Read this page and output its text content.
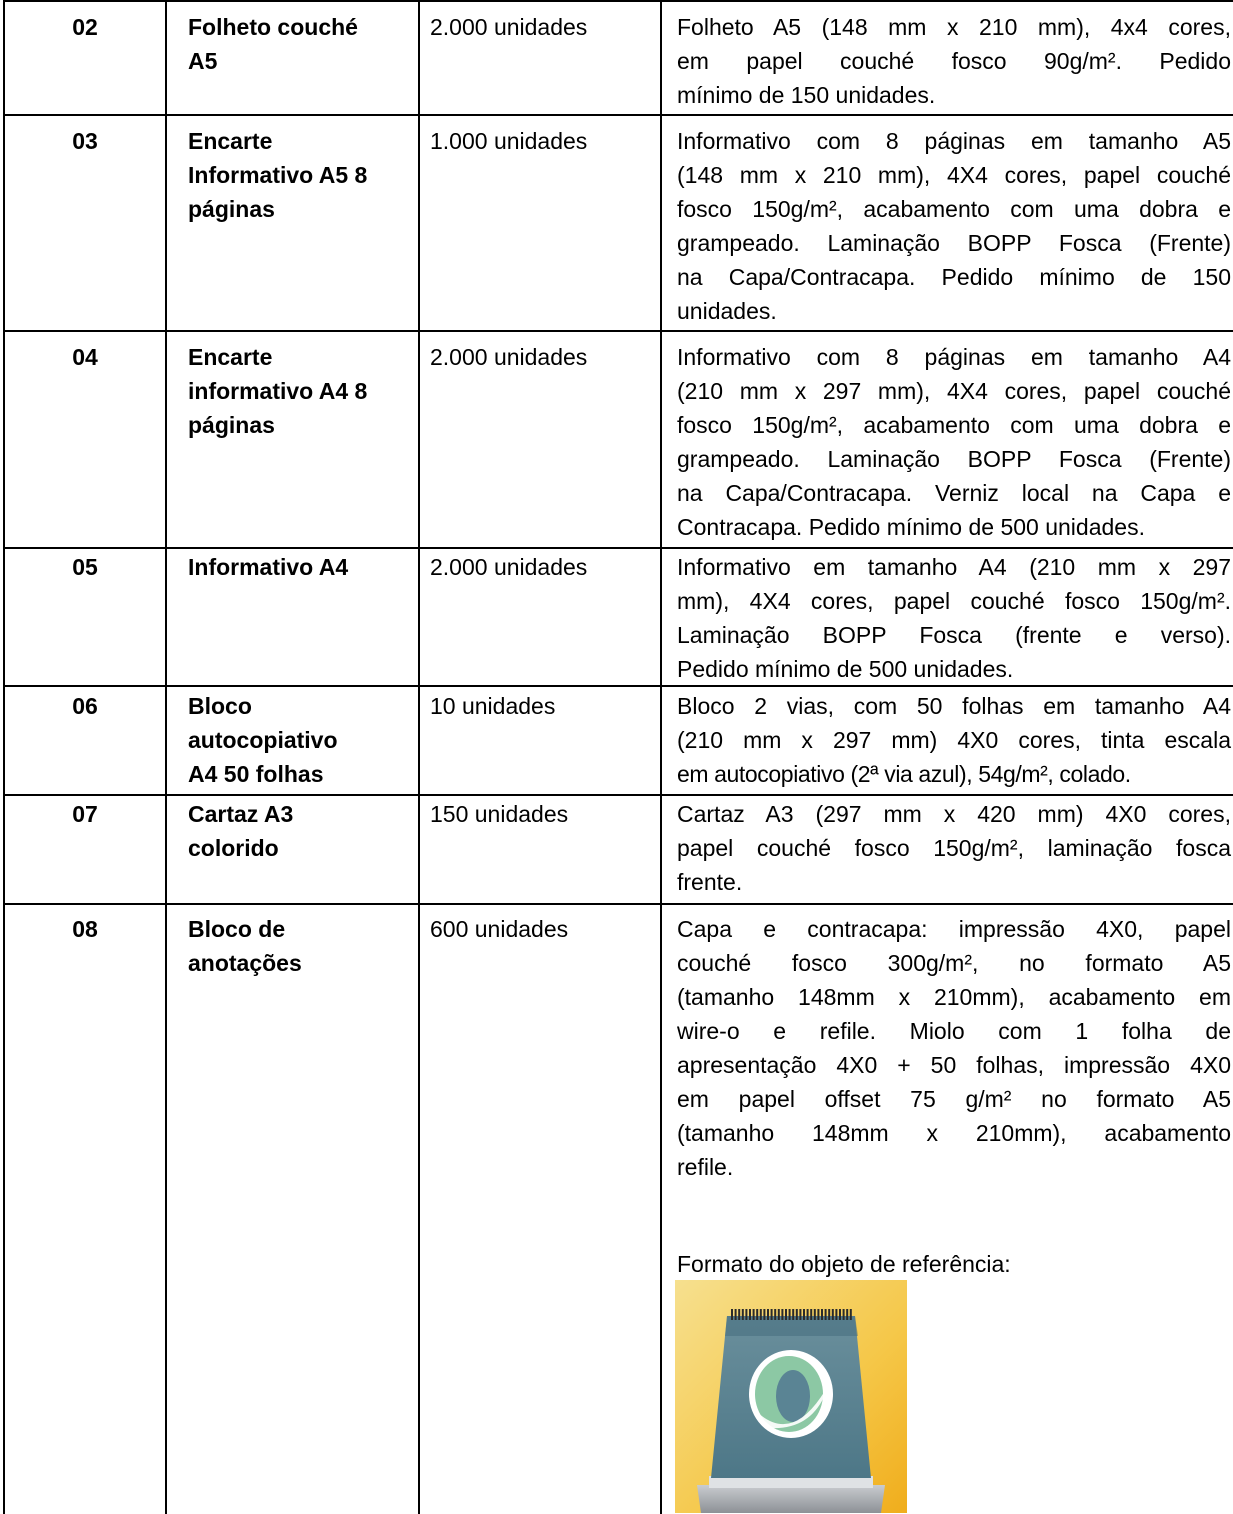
02	Folheto couché
A5
2.000 unidades	Folheto A5 (148 mm x 210 mm), 4x4 cores,
em papel couché fosco 90g/m². Pedido
mínimo de 150 unidades.
03	Encarte
Informativo A5 8
páginas
1.000 unidades	Informativo com 8 páginas em tamanho A5
(148 mm x 210 mm), 4X4 cores, papel couché
fosco 150g/m², acabamento com uma dobra e
grampeado. Laminação BOPP Fosca (Frente)
na Capa/Contracapa. Pedido mínimo de 150
unidades.
04	Encarte
informativo A4 8
páginas
2.000 unidades	Informativo com 8 páginas em tamanho A4
(210 mm x 297 mm), 4X4 cores, papel couché
fosco 150g/m², acabamento com uma dobra e
grampeado. Laminação BOPP Fosca (Frente)
na Capa/Contracapa. Verniz local na Capa e
Contracapa. Pedido mínimo de 500 unidades.
05	Informativo A4	2.000 unidades	Informativo em tamanho A4 (210 mm x 297
mm), 4X4 cores, papel couché fosco 150g/m².
Laminação BOPP Fosca (frente e verso).
Pedido mínimo de 500 unidades.
06	Bloco
autocopiativo
A4 50 folhas
10 unidades	Bloco 2 vias, com 50 folhas em tamanho A4
(210 mm x 297 mm) 4X0 cores, tinta escala
em autocopiativo (2ª via azul), 54g/m², colado.
07	Cartaz A3
colorido
150 unidades	Cartaz A3 (297 mm x 420 mm) 4X0 cores,
papel couché fosco 150g/m², laminação fosca
frente.
08	Bloco de
anotações
600 unidades	Capa e contracapa: impressão 4X0, papel
couché fosco 300g/m², no formato A5
(tamanho 148mm x 210mm), acabamento em
wire-o e refile. Miolo com 1 folha de
apresentação 4X0 + 50 folhas, impressão 4X0
em papel offset 75 g/m² no formato A5
(tamanho 148mm x 210mm), acabamento
refile.
Formato do objeto de referência:
